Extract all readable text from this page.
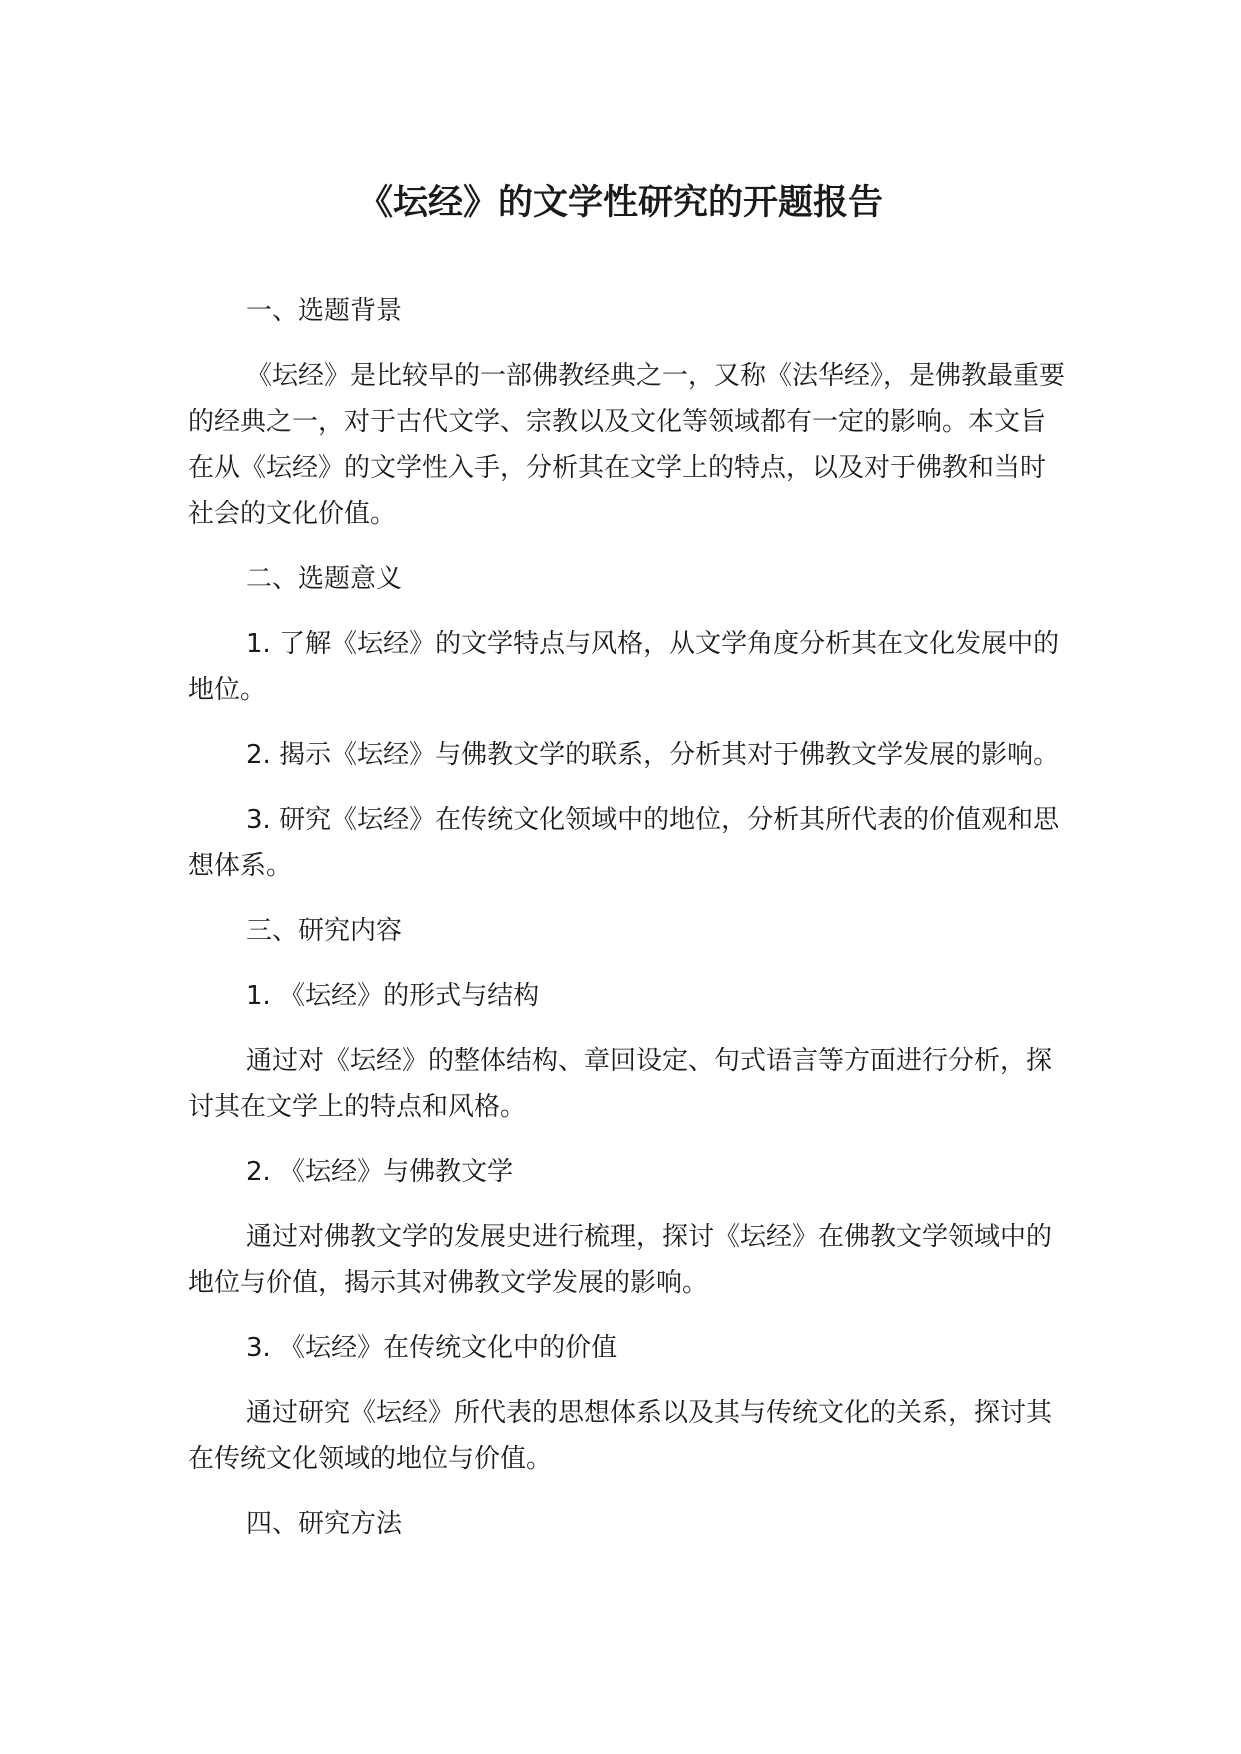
《坛经》的文学性研究的开题报告

一、选题背景

《坛经》是比较早的一部佛教经典之一，又称《法华经》，是佛教最重要的经典之一，对于古代文学、宗教以及文化等领域都有一定的影响。本文旨在从《坛经》的文学性入手，分析其在文学上的特点，以及对于佛教和当时社会的文化价值。

二、选题意义

1. 了解《坛经》的文学特点与风格，从文学角度分析其在文化发展中的地位。

2. 揭示《坛经》与佛教文学的联系，分析其对于佛教文学发展的影响。

3. 研究《坛经》在传统文化领域中的地位，分析其所代表的价值观和思想体系。

三、研究内容

1. 《坛经》的形式与结构

通过对《坛经》的整体结构、章回设定、句式语言等方面进行分析，探讨其在文学上的特点和风格。

2. 《坛经》与佛教文学

通过对佛教文学的发展史进行梳理，探讨《坛经》在佛教文学领域中的地位与价值，揭示其对佛教文学发展的影响。

3. 《坛经》在传统文化中的价值

通过研究《坛经》所代表的思想体系以及其与传统文化的关系，探讨其在传统文化领域的地位与价值。

四、研究方法
